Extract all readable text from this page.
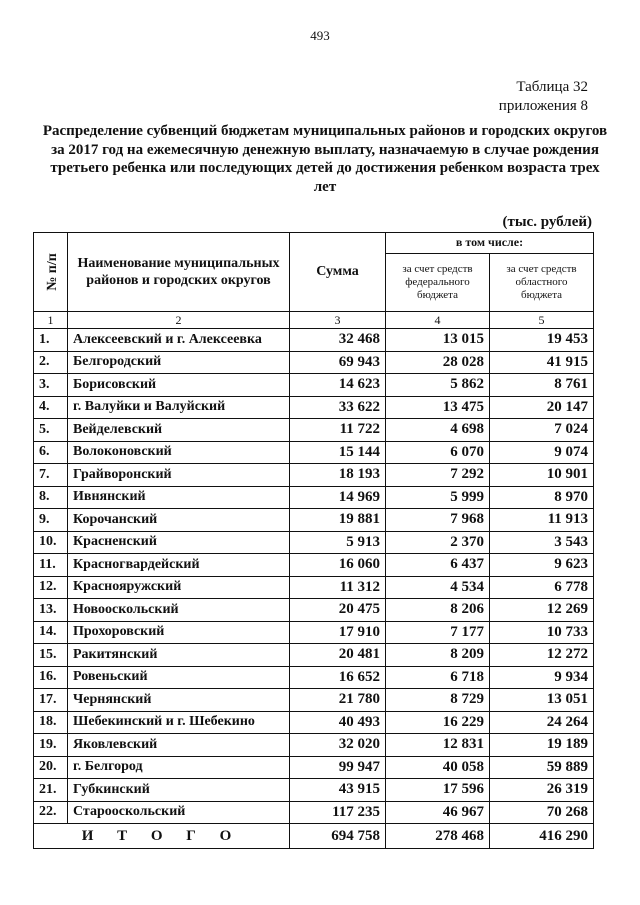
493
Таблица 32
приложения 8
Распределение субвенций бюджетам муниципальных районов и городских округов за 2017 год на ежемесячную денежную выплату, назначаемую в случае рождения третьего ребенка или последующих детей до достижения ребенком возраста трех лет
(тыс. рублей)
№ п/п	Наименование муниципальных районов и городских округов	Сумма	в том числе:	
			за счет средств федерального бюджета	за счет средств областного бюджета
1	2	3	4	5
1.	Алексеевский и г. Алексеевка	32 468	13 015	19 453
2.	Белгородский	69 943	28 028	41 915
3.	Борисовский	14 623	5 862	8 761
4.	г. Валуйки и Валуйский	33 622	13 475	20 147
5.	Вейделевский	11 722	4 698	7 024
6.	Волоконовский	15 144	6 070	9 074
7.	Грайворонский	18 193	7 292	10 901
8.	Ивнянский	14 969	5 999	8 970
9.	Корочанский	19 881	7 968	11 913
10.	Красненский	5 913	2 370	3 543
11.	Красногвардейский	16 060	6 437	9 623
12.	Краснояружский	11 312	4 534	6 778
13.	Новооскольский	20 475	8 206	12 269
14.	Прохоровский	17 910	7 177	10 733
15.	Ракитянский	20 481	8 209	12 272
16.	Ровеньский	16 652	6 718	9 934
17.	Чернянский	21 780	8 729	13 051
18.	Шебекинский и г. Шебекино	40 493	16 229	24 264
19.	Яковлевский	32 020	12 831	19 189
20.	г. Белгород	99 947	40 058	59 889
21.	Губкинский	43 915	17 596	26 319
22.	Старооскольский	117 235	46 967	70 268
И Т О Г О		694 758	278 468	416 290
